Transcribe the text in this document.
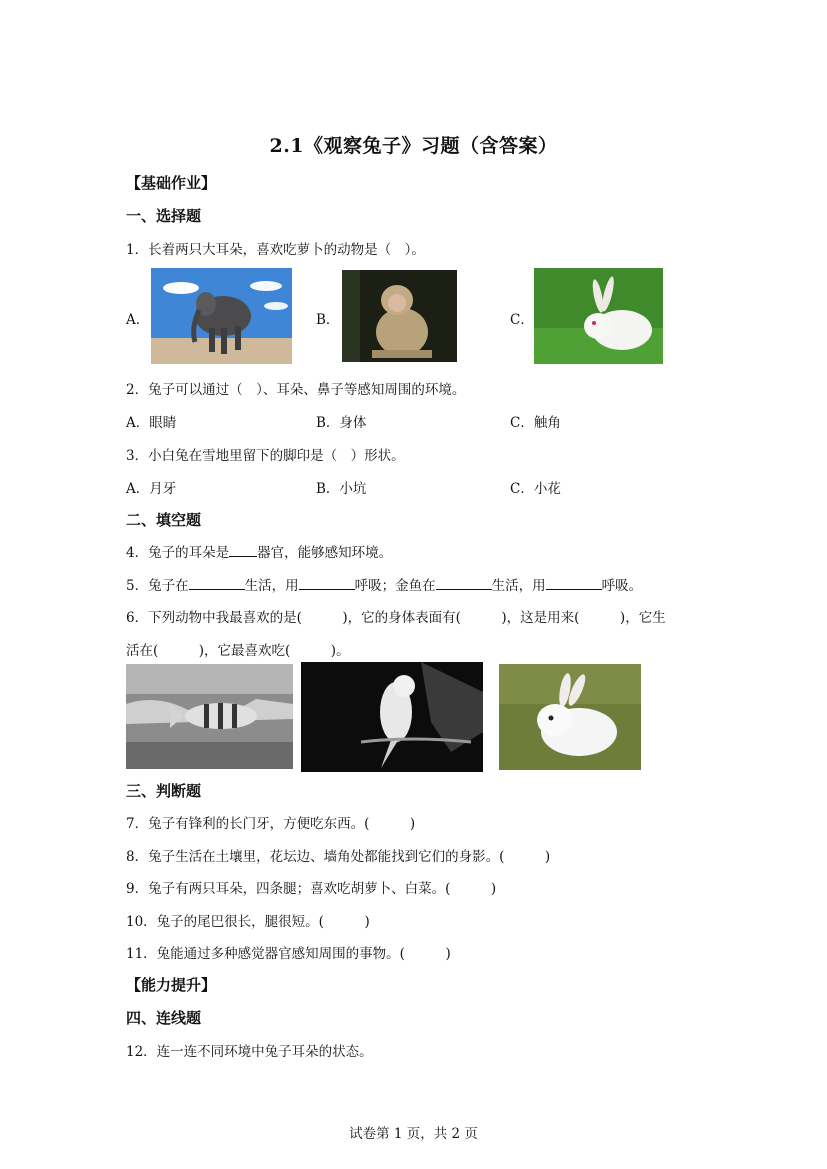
2.1《观察兔子》习题（含答案）
【基础作业】
一、选择题
1．长着两只大耳朵，喜欢吃萝卜的动物是（　）。
A．	B．	C．
2．兔子可以通过（　）、耳朵、鼻子等感知周围的环境。
A．眼睛	B．身体	C．触角
3．小白兔在雪地里留下的脚印是（　）形状。
A．月牙	B．小坑	C．小花
二、填空题
4．兔子的耳朵是 器官，能够感知环境。
5．兔子在	生活，用	呼吸；金鱼在	生活，用	呼吸。
6．下列动物中我最喜欢的是(　　　)，它的身体表面有(　　　)，这是用来(　　　)，它生
活在(　　　)，它最喜欢吃(　　　)。
三、判断题
7．兔子有锋利的长门牙，方便吃东西。(　　　)
8．兔子生活在土壤里，花坛边、墙角处都能找到它们的身影。(　　　)
9．兔子有两只耳朵，四条腿；喜欢吃胡萝卜、白菜。(　　　)
10．兔子的尾巴很长，腿很短。(　　　)
11．兔能通过多种感觉器官感知周围的事物。(　　　)
【能力提升】
四、连线题
12．连一连不同环境中兔子耳朵的状态。
试卷第 1 页，共 2 页
